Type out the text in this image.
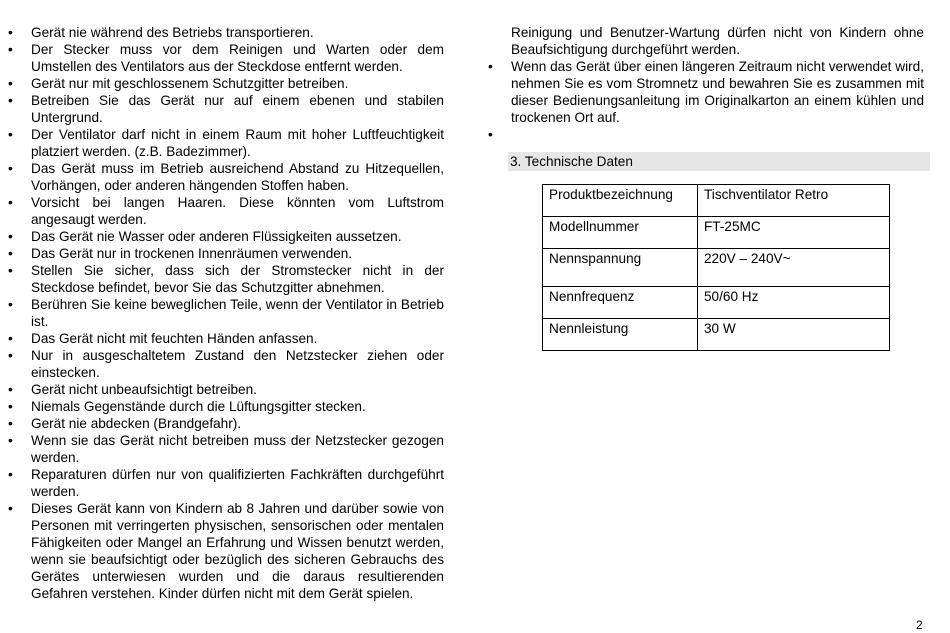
•	Gerät nie während des Betriebs transportieren.
•	Der Stecker muss vor dem Reinigen und Warten oder dem Umstellen des Ventilators aus der Steckdose entfernt werden.
•	Gerät nur mit geschlossenem Schutzgitter betreiben.
•	Betreiben Sie das Gerät nur auf einem ebenen und stabilen Untergrund.
•	Der Ventilator darf nicht in einem Raum mit hoher Luftfeuchtigkeit platziert werden. (z.B. Badezimmer).
•	Das Gerät muss im Betrieb ausreichend Abstand zu Hitzequellen, Vorhängen, oder anderen hängenden Stoffen haben.
•	Vorsicht bei langen Haaren. Diese könnten vom Luftstrom angesaugt werden.
•	Das Gerät nie Wasser oder anderen Flüssigkeiten aussetzen.
•	Das Gerät nur in trockenen Innenräumen verwenden.
•	Stellen Sie sicher, dass sich der Stromstecker nicht in der Steckdose befindet, bevor Sie das Schutzgitter abnehmen.
•	Berühren Sie keine beweglichen Teile, wenn der Ventilator in Betrieb ist.
•	Das Gerät nicht mit feuchten Händen anfassen.
•	Nur in ausgeschaltetem Zustand den Netzstecker ziehen oder einstecken.
•	Gerät nicht unbeaufsichtigt betreiben.
•	Niemals Gegenstände durch die Lüftungsgitter stecken.
•	Gerät nie abdecken (Brandgefahr).
•	Wenn sie das Gerät nicht betreiben muss der Netzstecker gezogen werden.
•	Reparaturen dürfen nur von qualifizierten Fachkräften durchgeführt werden.
•	Dieses Gerät kann von Kindern ab 8 Jahren und darüber sowie von Personen mit verringerten physischen, sensorischen oder mentalen Fähigkeiten oder Mangel an Erfahrung und Wissen benutzt werden, wenn sie beaufsichtigt oder bezüglich des sicheren Gebrauchs des Gerätes unterwiesen wurden und die daraus resultierenden Gefahren verstehen. Kinder dürfen nicht mit dem Gerät spielen.
Reinigung und Benutzer-Wartung dürfen nicht von Kindern ohne Beaufsichtigung durchgeführt werden.
•	Wenn das Gerät über einen längeren Zeitraum nicht verwendet wird, nehmen Sie es vom Stromnetz und bewahren Sie es zusammen mit dieser Bedienungsanleitung im Originalkarton an einem kühlen und trockenen Ort auf.
•

3. Technische Daten
Produktbezeichnung	Tischventilator Retro
Modellnummer	FT-25MC
Nennspannung	220V – 240V~
Nennfrequenz	50/60 Hz
Nennleistung	30 W
2
